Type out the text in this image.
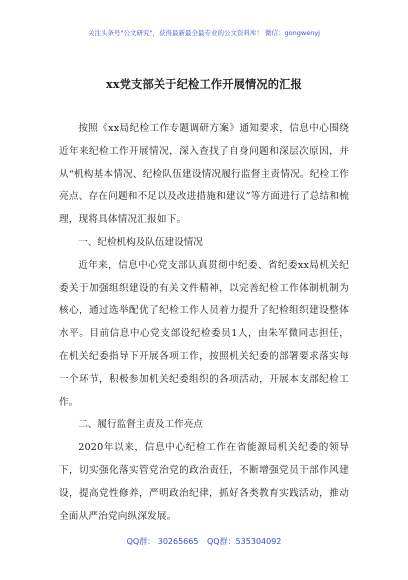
关注头条号"公文研究"，获得最新最全最专业的公文资料库！ 微信：gongwenyj
xx党支部关于纪检工作开展情况的汇报

按照《xx局纪检工作专题调研方案》通知要求，信息中心围绕近年来纪检工作开展情况，深入查找了自身问题和深层次原因，并从“机构基本情况、纪检队伍建设情况履行监督主责情况。纪检工作亮点、存在问题和不足以及改进措施和建议”等方面进行了总结和梳理，现将具体情况汇报如下。

一、纪检机构及队伍建设情况

近年来，信息中心党支部认真贯彻中纪委、省纪委xx局机关纪委关于加强组织建设的有关文件精神，以完善纪检工作体制机制为核心，通过选举配优了纪检工作人员着力提升了纪检组织建设整体水平。目前信息中心党支部设纪检委员1人，由朱军微同志担任，在机关纪委指导下开展各项工作，按照机关纪委的部署要求落实每一个环节，积极参加机关纪委组织的各项活动，开展本支部纪检工作。

二、履行监督主责及工作亮点

2020年以来，信息中心纪检工作在省能源局机关纪委的领导下，切实强化落实管党治党的政治责任，不断增强党员干部作风建设，提高党性修养，严明政治纪律，抓好各类教育实践活动，推动全面从严治党向纵深发展。

QQ群： 30265665 QQ群：535304092
